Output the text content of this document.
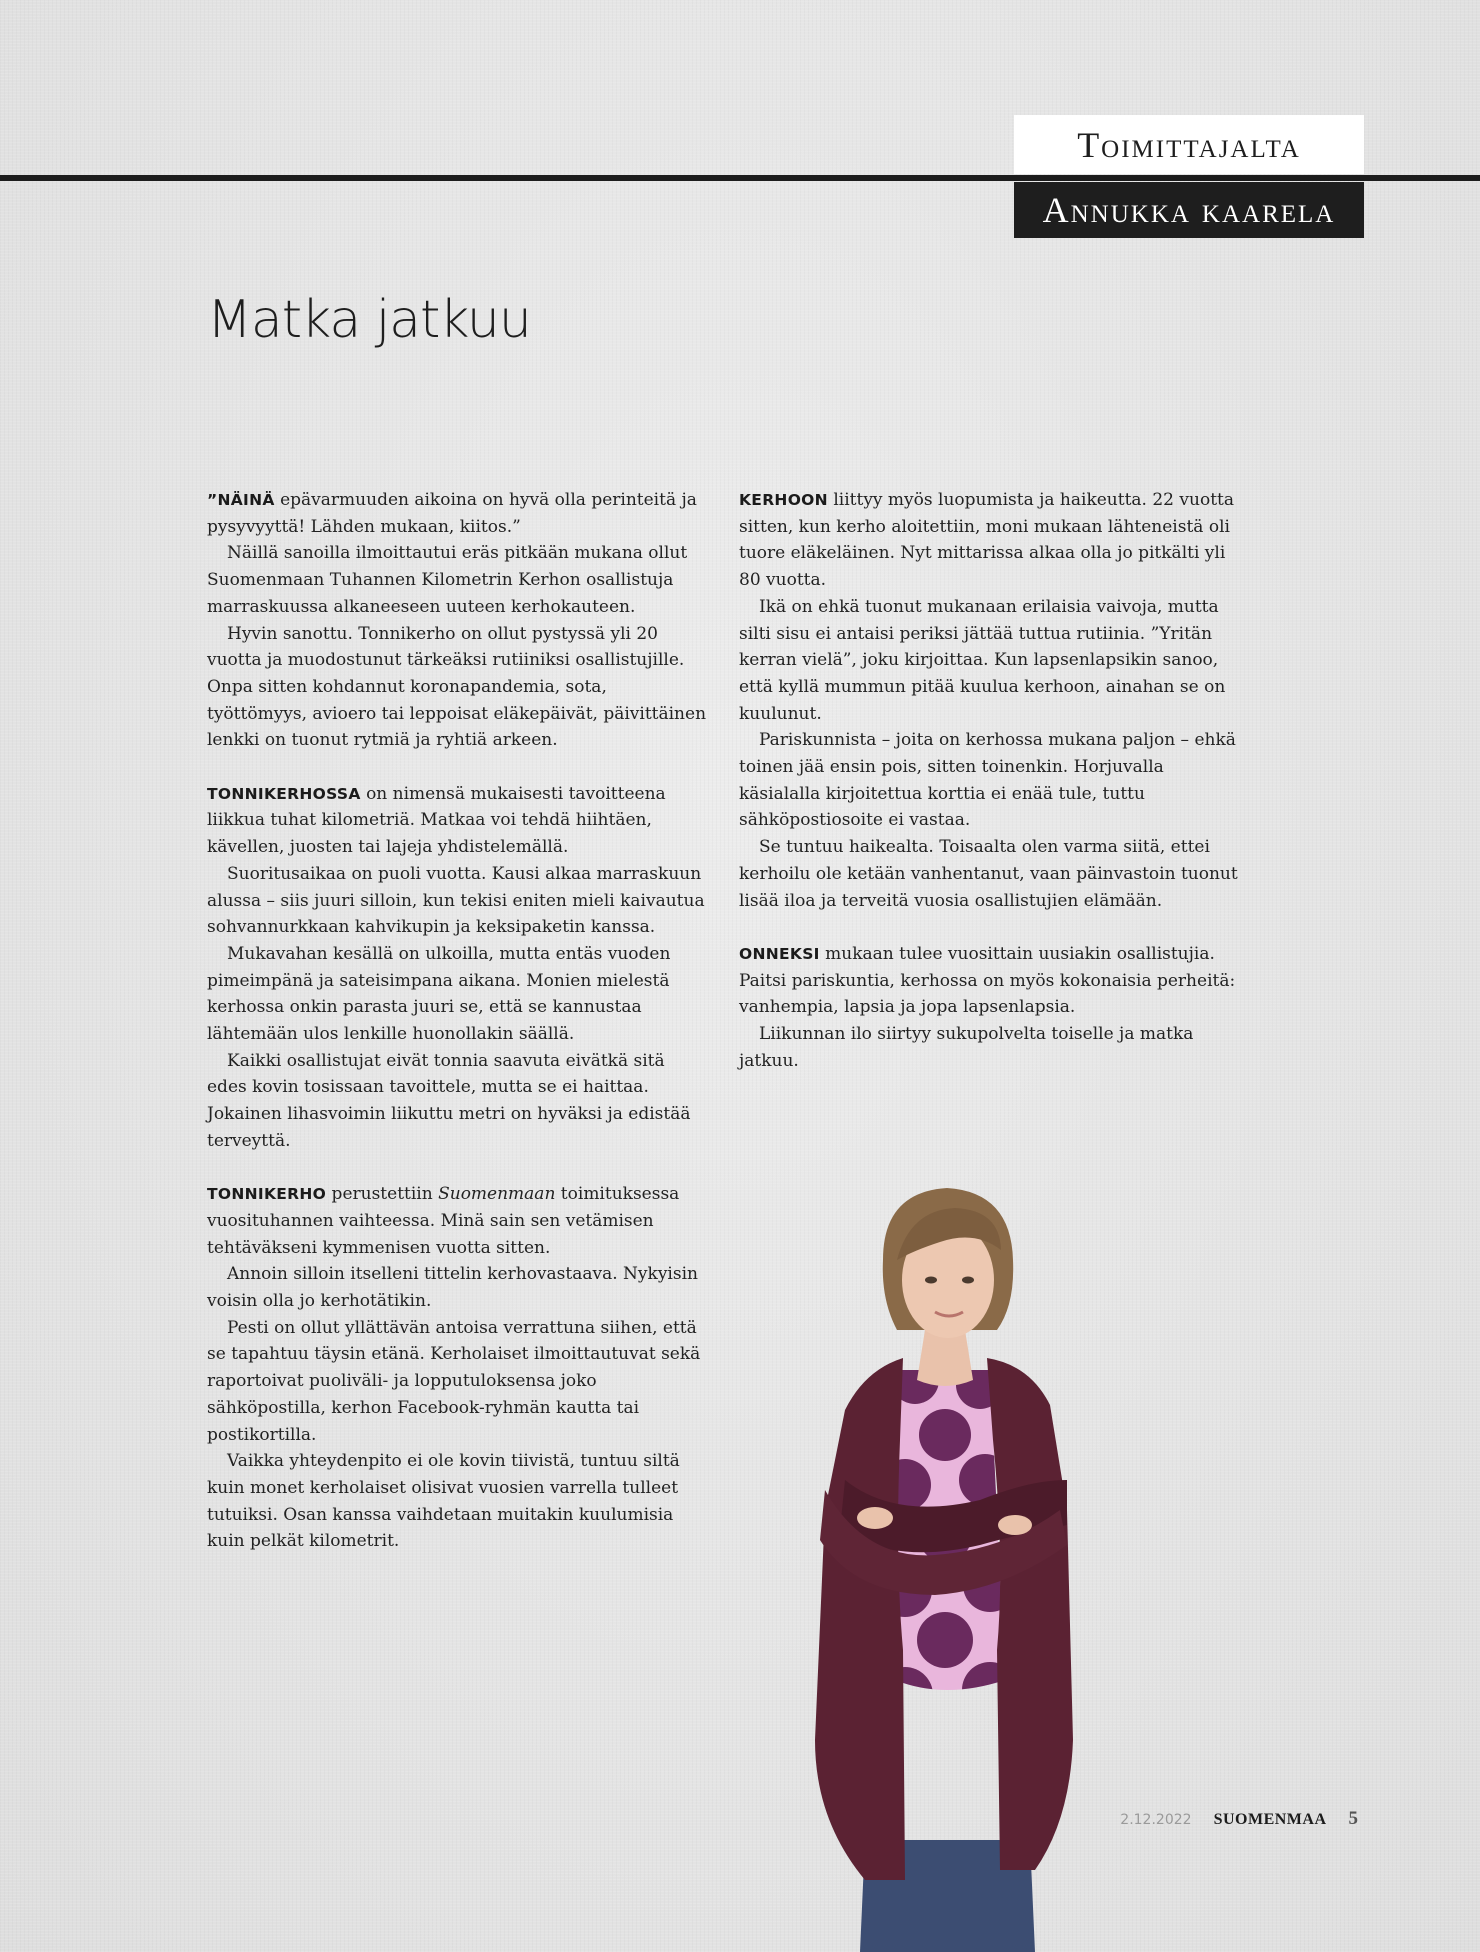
Toimittajalta
Annukka kaarela
Matka jatkuu

”NÄINÄ epävarmuuden aikoina on hyvä olla perinteitä ja pysyvyyttä! Lähden mukaan, kiitos.”

Näillä sanoilla ilmoittautui eräs pitkään mukana ollut Suomenmaan Tuhannen Kilometrin Kerhon osallistuja marraskuussa alkaneeseen uuteen kerhokauteen.

Hyvin sanottu. Tonnikerho on ollut pystyssä yli 20 vuotta ja muodostunut tärkeäksi rutiiniksi osallistujille. Onpa sitten kohdannut koronapandemia, sota, työttömyys, avioero tai leppoisat eläkepäivät, päivittäinen lenkki on tuonut rytmiä ja ryhtiä arkeen.

TONNIKERHOSSA on nimensä mukaisesti tavoitteena liikkua tuhat kilometriä. Matkaa voi tehdä hiihtäen, kävellen, juosten tai lajeja yhdistelemällä.

Suoritusaikaa on puoli vuotta. Kausi alkaa marraskuun alussa – siis juuri silloin, kun tekisi eniten mieli kaivautua sohvannurkkaan kahvikupin ja keksipaketin kanssa.

Mukavahan kesällä on ulkoilla, mutta entäs vuoden pimeimpänä ja sateisimpana aikana. Monien mielestä kerhossa onkin parasta juuri se, että se kannustaa lähtemään ulos lenkille huonollakin säällä.

Kaikki osallistujat eivät tonnia saavuta eivätkä sitä edes kovin tosissaan tavoittele, mutta se ei haittaa. Jokainen lihasvoimin liikuttu metri on hyväksi ja edistää terveyttä.

TONNIKERHO perustettiin Suomenmaan toimituksessa vuosituhannen vaihteessa. Minä sain sen vetämisen tehtäväkseni kymmenisen vuotta sitten.

Annoin silloin itselleni tittelin kerhovastaava. Nykyisin voisin olla jo kerhotätikin.

Pesti on ollut yllättävän antoisa verrattuna siihen, että se tapahtuu täysin etänä. Kerholaiset ilmoittautuvat sekä raportoivat puoliväli- ja lopputuloksensa joko sähköpostilla, kerhon Facebook-ryhmän kautta tai postikortilla.

Vaikka yhteydenpito ei ole kovin tiivistä, tuntuu siltä kuin monet kerholaiset olisivat vuosien varrella tulleet tutuiksi. Osan kanssa vaihdetaan muitakin kuulumisia kuin pelkät kilometrit.

KERHOON liittyy myös luopumista ja haikeutta. 22 vuotta sitten, kun kerho aloitettiin, moni mukaan lähteneistä oli tuore eläkeläinen. Nyt mittarissa alkaa olla jo pitkälti yli 80 vuotta.

Ikä on ehkä tuonut mukanaan erilaisia vaivoja, mutta silti sisu ei antaisi periksi jättää tuttua rutiinia. ”Yritän kerran vielä”, joku kirjoittaa. Kun lapsenlapsikin sanoo, että kyllä mummun pitää kuulua kerhoon, ainahan se on kuulunut.

Pariskunnista – joita on kerhossa mukana paljon – ehkä toinen jää ensin pois, sitten toinenkin. Horjuvalla käsialalla kirjoitettua korttia ei enää tule, tuttu sähköpostiosoite ei vastaa.

Se tuntuu haikealta. Toisaalta olen varma siitä, ettei kerhoilu ole ketään vanhentanut, vaan päinvastoin tuonut lisää iloa ja terveitä vuosia osallistujien elämään.

ONNEKSI mukaan tulee vuosittain uusiakin osallistujia. Paitsi pariskuntia, kerhossa on myös kokonaisia perheitä: vanhempia, lapsia ja jopa lapsenlapsia.

Liikunnan ilo siirtyy sukupolvelta toiselle ja matka jatkuu.

2.12.2022 SUOMENMAA 5
